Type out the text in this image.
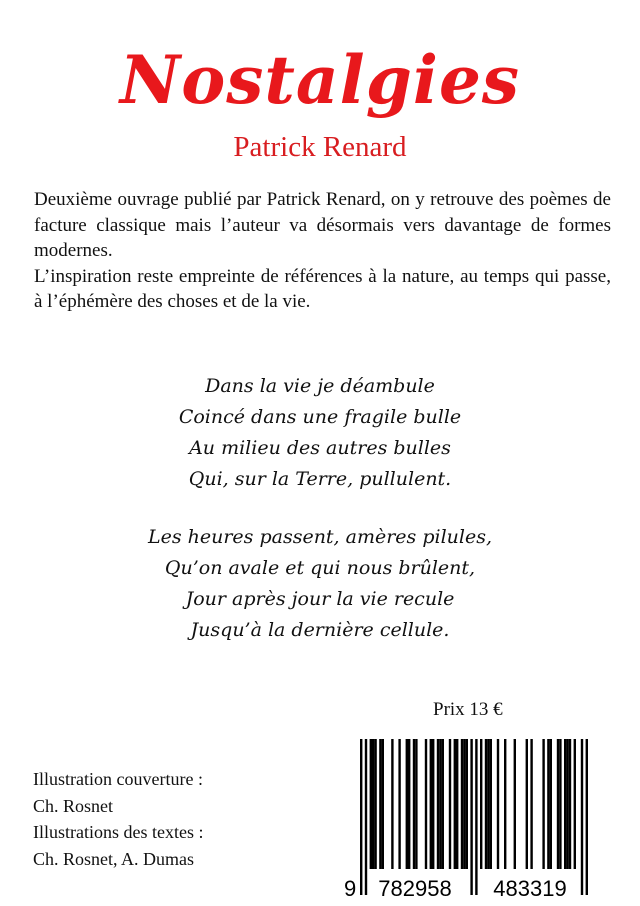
Nostalgies
Patrick Renard

Deuxième ouvrage publié par Patrick Renard, on y retrouve des poèmes de facture classique mais l’auteur va désormais vers davantage de formes modernes.

L’inspiration reste empreinte de références à la nature, au temps qui passe, à l’éphémère des choses et de la vie.

Dans la vie je déambule
Coincé dans une fragile bulle
Au milieu des autres bulles
Qui, sur la Terre, pullulent.
Les heures passent, amères pilules,
Qu’on avale et qui nous brûlent,
Jour après jour la vie recule
Jusqu’à la dernière cellule.
Prix 13 €
Illustration couverture :
Ch. Rosnet
Illustrations des textes :
Ch. Rosnet, A. Dumas
9 782958 483319
